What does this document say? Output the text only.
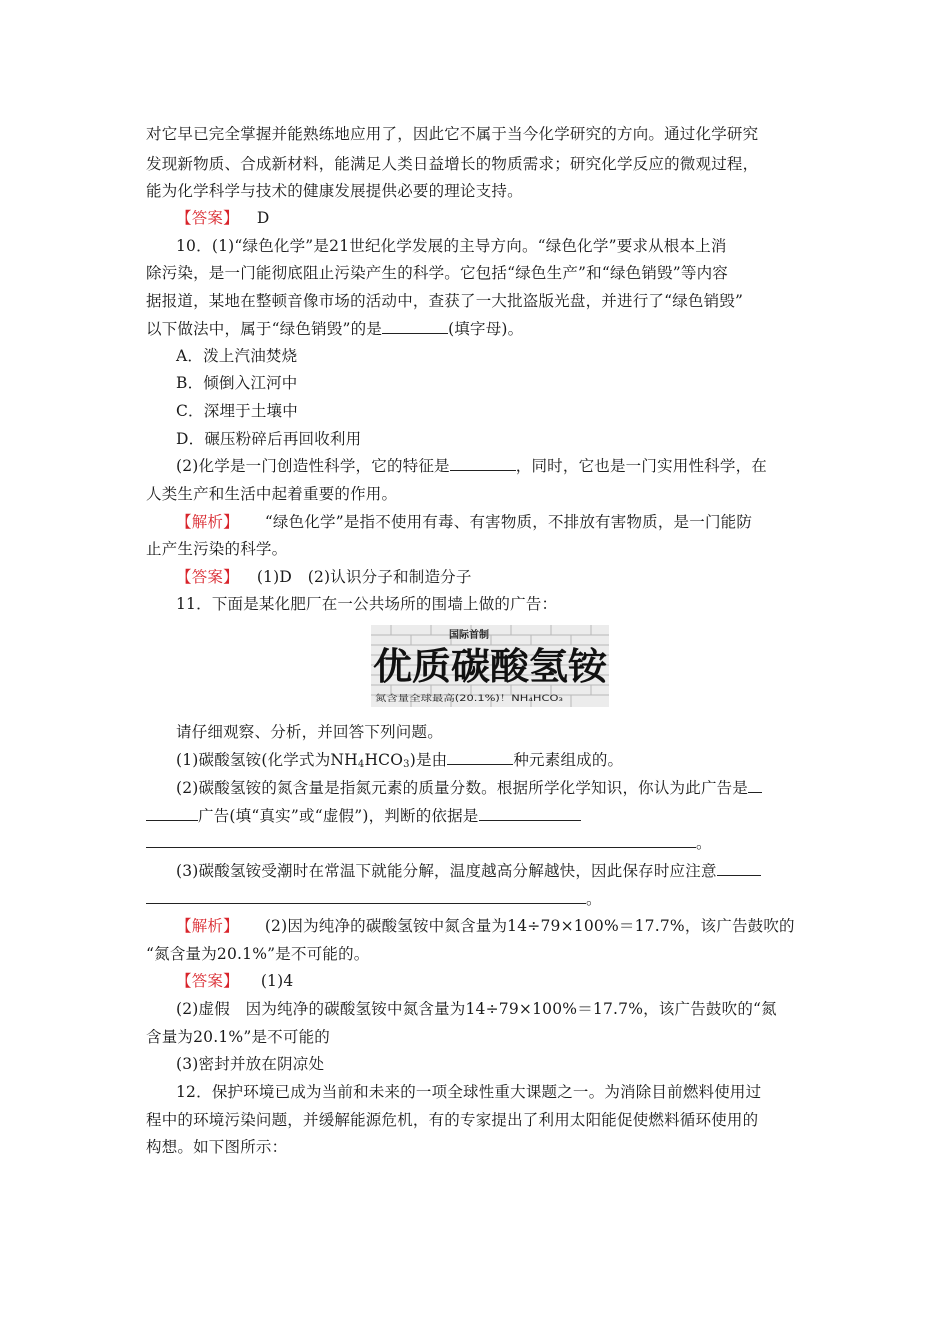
对它早已完全掌握并能熟练地应用了，因此它不属于当今化学研究的方向。通过化学研究
发现新物质、合成新材料，能满足人类日益增长的物质需求；研究化学反应的微观过程，
能为化学科学与技术的健康发展提供必要的理论支持。
【答案】 D
10．(1)“绿色化学”是21世纪化学发展的主导方向。“绿色化学”要求从根本上消
除污染，是一门能彻底阻止污染产生的科学。它包括“绿色生产”和“绿色销毁”等内容
据报道，某地在整顿音像市场的活动中，查获了一大批盗版光盘，并进行了“绿色销毁”
以下做法中，属于“绿色销毁”的是	(填字母)。
A．泼上汽油焚烧
B．倾倒入江河中
C．深埋于土壤中
D．碾压粉碎后再回收利用
(2)化学是一门创造性科学，它的特征是	，同时，它也是一门实用性科学，在
人类生产和生活中起着重要的作用。
【解析】 “绿色化学”是指不使用有毒、有害物质，不排放有害物质，是一门能防
止产生污染的科学。
【答案】 (1)D　(2)认识分子和制造分子
11．下面是某化肥厂在一公共场所的围墙上做的广告：
国际首制
优质碳酸氢铵
氮含量全球最高(20.1%)！NH₄HCO₃
请仔细观察、分析，并回答下列问题。
(1)碳酸氢铵(化学式为$NH_4HCO_3$)是由	种元素组成的。
(2)碳酸氢铵的氮含量是指氮元素的质量分数。根据所学化学知识，你认为此广告是
广告(填“真实”或“虚假”)，判断的依据是
。
(3)碳酸氢铵受潮时在常温下就能分解，温度越高分解越快，因此保存时应注意
。
【解析】 (2)因为纯净的碳酸氢铵中氮含量为14÷79×100%＝17.7%，该广告鼓吹的
“氮含量为20.1%”是不可能的。
【答案】 (1)4
(2)虚假　因为纯净的碳酸氢铵中氮含量为14÷79×100%＝17.7%，该广告鼓吹的“氮
含量为20.1%”是不可能的
(3)密封并放在阴凉处
12．保护环境已成为当前和未来的一项全球性重大课题之一。为消除目前燃料使用过
程中的环境污染问题，并缓解能源危机，有的专家提出了利用太阳能促使燃料循环使用的
构想。如下图所示：
